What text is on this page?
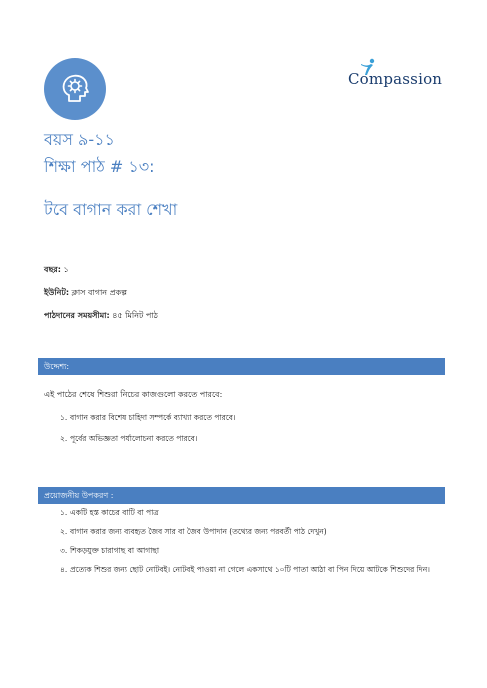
Compassion
বয়স ৯-১১
শিক্ষা পাঠ # ১৩:
টবে বাগান করা শেখা
বছর: ১
ইউনিট: ক্লাস বাগান প্রকল্প
পাঠদানের সময়সীমা: ৪৫ মিনিট পাঠ
উদ্দেশ্য:
এই পাঠের শেষে শিশুরা নিচের কাজগুলো করতে পারবে:
১. বাগান করার বিশেষ চাহিদা সম্পর্কে ব্যাখ্যা করতে পারবে।
২. পূর্বের অভিজ্ঞতা পর্যালোচনা করতে পারবে।
প্রয়োজনীয় উপকরণ :
১. একটি হস্ত কাচের বাটি বা পাত্র
২. বাগান করার জন্য ব্যবহৃত জৈব সার বা জৈব উপাদান (তথ্যের জন্য পরবর্তী পাঠ দেখুন)
৩. শিকড়যুক্ত চারাগাছ বা আগাছা
৪. প্রত্যেক শিশুর জন্য ছোট নোটবই। নোটবই পাওয়া না গেলে একসাথে ১০টি পাতা আঠা বা পিন দিয়ে আটকে শিশুদের দিন।
